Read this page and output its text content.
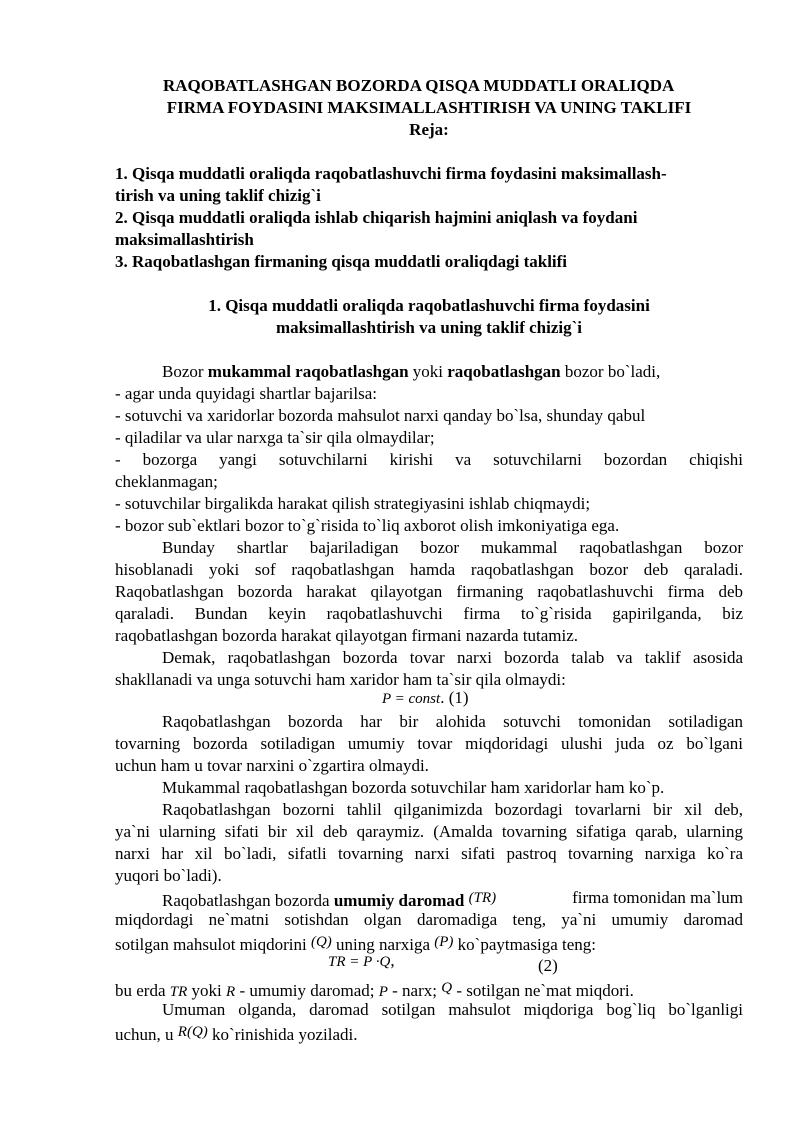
RAQOBATLASHGAN BOZORDA QISQA MUDDATLI ORALIQDA
FIRMA FOYDASINI MAKSIMALLASHTIRISH VA UNING TAKLIFI
Reja:
1. Qisqa muddatli oraliqda raqobatlashuvchi firma foydasini maksimallash-
tirish va uning taklif chizig`i
2. Qisqa muddatli oraliqda ishlab chiqarish hajmini aniqlash va foydani
maksimallashtirish
3. Raqobatlashgan firmaning qisqa muddatli oraliqdagi taklifi
1. Qisqa muddatli oraliqda raqobatlashuvchi firma foydasini
maksimallashtirish va uning taklif chizig`i
Bozor mukammal raqobatlashgan yoki raqobatlashgan bozor bo`ladi,
- agar unda quyidagi shartlar bajarilsa:
- sotuvchi va xaridorlar bozorda mahsulot narxi qanday bo`lsa, shunday qabul
- qiladilar va ular narxga ta`sir qila olmaydilar;
- bozorga yangi sotuvchilarni kirishi va sotuvchilarni bozordan chiqishi
cheklanmagan;
- sotuvchilar birgalikda harakat qilish strategiyasini ishlab chiqmaydi;
- bozor sub`ektlari bozor to`g`risida to`liq axborot olish imkoniyatiga ega.
Bunday shartlar bajariladigan bozor mukammal raqobatlashgan bozor
hisoblanadi yoki sof raqobatlashgan hamda raqobatlashgan bozor deb qaraladi.
Raqobatlashgan bozorda harakat qilayotgan firmaning raqobatlashuvchi firma deb
qaraladi. Bundan keyin raqobatlashuvchi firma to`g`risida gapirilganda, biz
raqobatlashgan bozorda harakat qilayotgan firmani nazarda tutamiz.
Demak, raqobatlashgan bozorda tovar narxi bozorda talab va taklif asosida
shakllanadi va unga sotuvchi ham xaridor ham ta`sir qila olmaydi:
P = const. (1)
Raqobatlashgan bozorda har bir alohida sotuvchi tomonidan sotiladigan
tovarning bozorda sotiladigan umumiy tovar miqdoridagi ulushi juda oz bo`lgani
uchun ham u tovar narxini o`zgartira olmaydi.
Mukammal raqobatlashgan bozorda sotuvchilar ham xaridorlar ham ko`p.
Raqobatlashgan bozorni tahlil qilganimizda bozordagi tovarlarni bir xil deb,
ya`ni ularning sifati bir xil deb qaraymiz. (Amalda tovarning sifatiga qarab, ularning
narxi har xil bo`ladi, sifatli tovarning narxi sifati pastroq tovarning narxiga ko`ra
yuqori bo`ladi).
Raqobatlashgan bozorda umumiy daromad (TR)	firma tomonidan ma`lum
miqdordagi ne`matni sotishdan olgan daromadiga teng, ya`ni umumiy daromad
sotilgan mahsulot miqdorini (Q) uning narxiga (P) ko`paytmasiga teng:
TR = P ·Q,	(2)
bu erda TR yoki R - umumiy daromad; P - narx; Q - sotilgan ne`mat miqdori.
Umuman olganda, daromad sotilgan mahsulot miqdoriga bog`liq bo`lganligi
uchun, u R(Q) ko`rinishida yoziladi.
